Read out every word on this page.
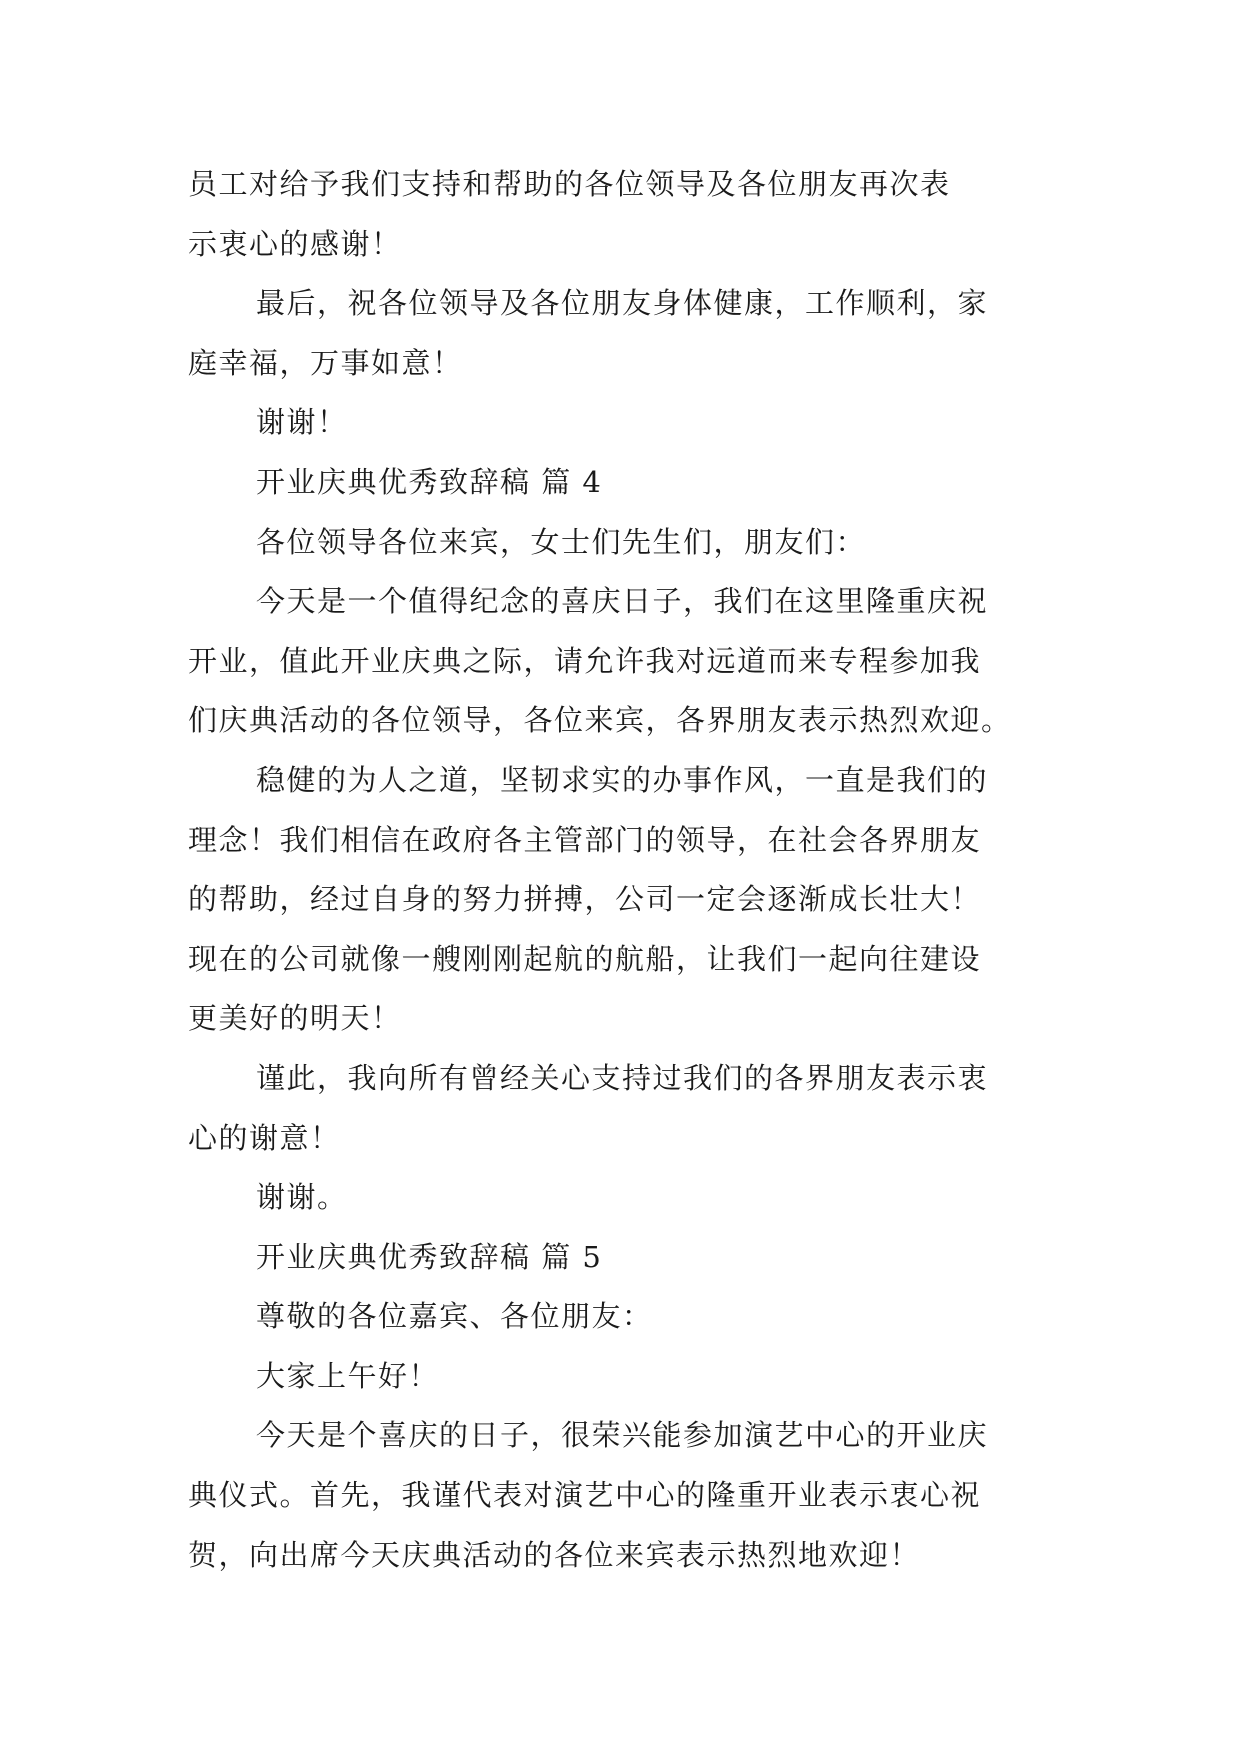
员工对给予我们支持和帮助的各位领导及各位朋友再次表
示衷心的感谢！
最后，祝各位领导及各位朋友身体健康，工作顺利，家
庭幸福，万事如意！
谢谢！
开业庆典优秀致辞稿 篇 4
各位领导各位来宾，女士们先生们，朋友们：
今天是一个值得纪念的喜庆日子，我们在这里隆重庆祝
开业，值此开业庆典之际，请允许我对远道而来专程参加我
们庆典活动的各位领导，各位来宾，各界朋友表示热烈欢迎。
稳健的为人之道，坚韧求实的办事作风，一直是我们的
理念！我们相信在政府各主管部门的领导，在社会各界朋友
的帮助，经过自身的努力拼搏，公司一定会逐渐成长壮大！
现在的公司就像一艘刚刚起航的航船，让我们一起向往建设
更美好的明天！
谨此，我向所有曾经关心支持过我们的各界朋友表示衷
心的谢意！
谢谢。
开业庆典优秀致辞稿 篇 5
尊敬的各位嘉宾、各位朋友：
大家上午好！
今天是个喜庆的日子，很荣兴能参加演艺中心的开业庆
典仪式。首先，我谨代表对演艺中心的隆重开业表示衷心祝
贺，向出席今天庆典活动的各位来宾表示热烈地欢迎！
